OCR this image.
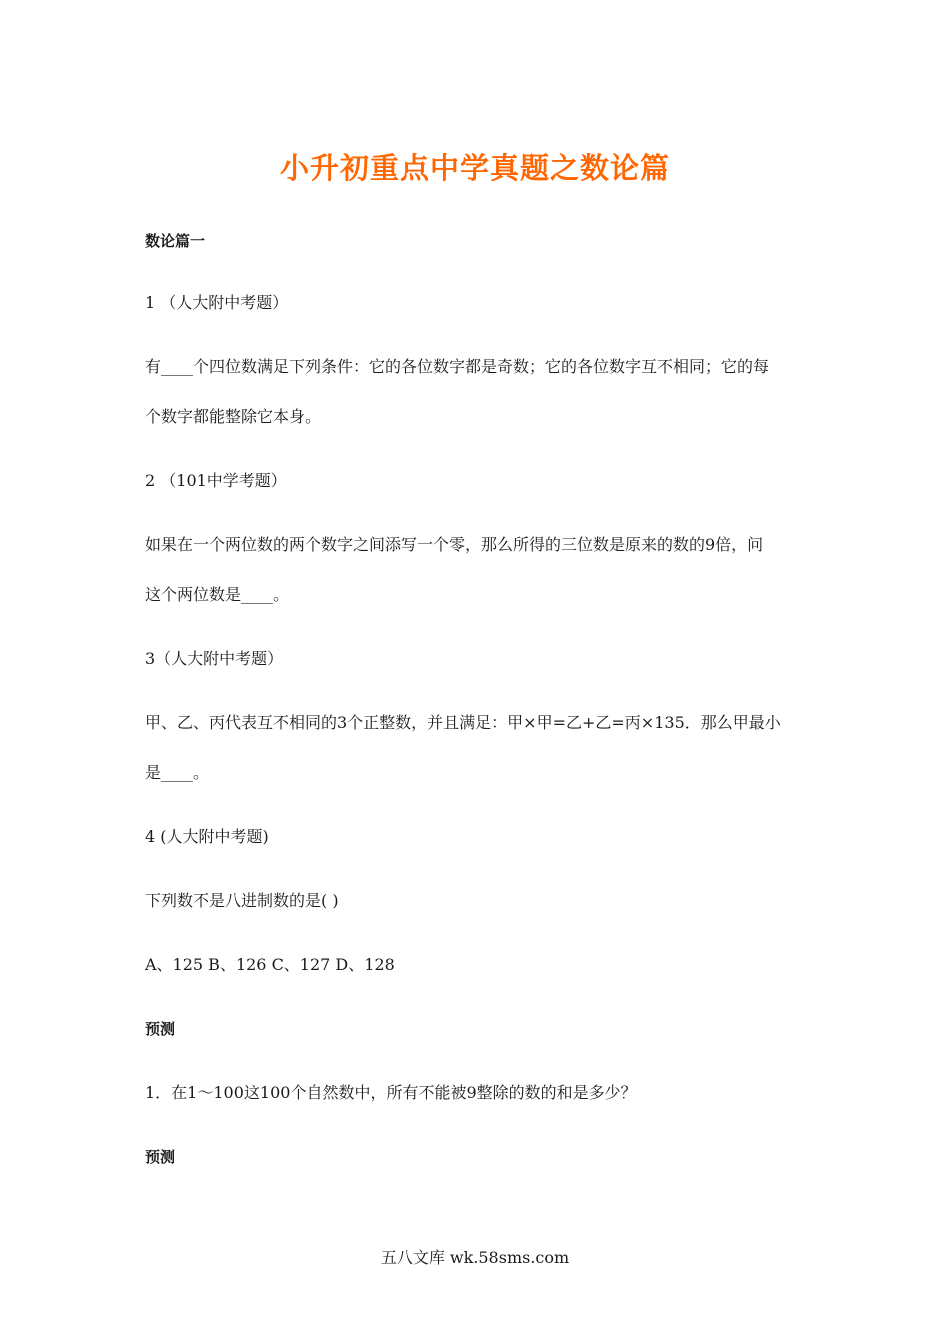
小升初重点中学真题之数论篇
数论篇一
1 （人大附中考题）
有____个四位数满足下列条件：它的各位数字都是奇数；它的各位数字互不相同；它的每
个数字都能整除它本身。
2 （101中学考题）
如果在一个两位数的两个数字之间添写一个零，那么所得的三位数是原来的数的9倍，问
这个两位数是____。
3（人大附中考题）
甲、乙、丙代表互不相同的3个正整数，并且满足：甲×甲=乙+乙=丙×135．那么甲最小
是____。
4 (人大附中考题)
下列数不是八进制数的是( )
A、125 B、126 C、127 D、128
预测
1．在1～100这100个自然数中，所有不能被9整除的数的和是多少？
预测
五八文库 wk.58sms.com
